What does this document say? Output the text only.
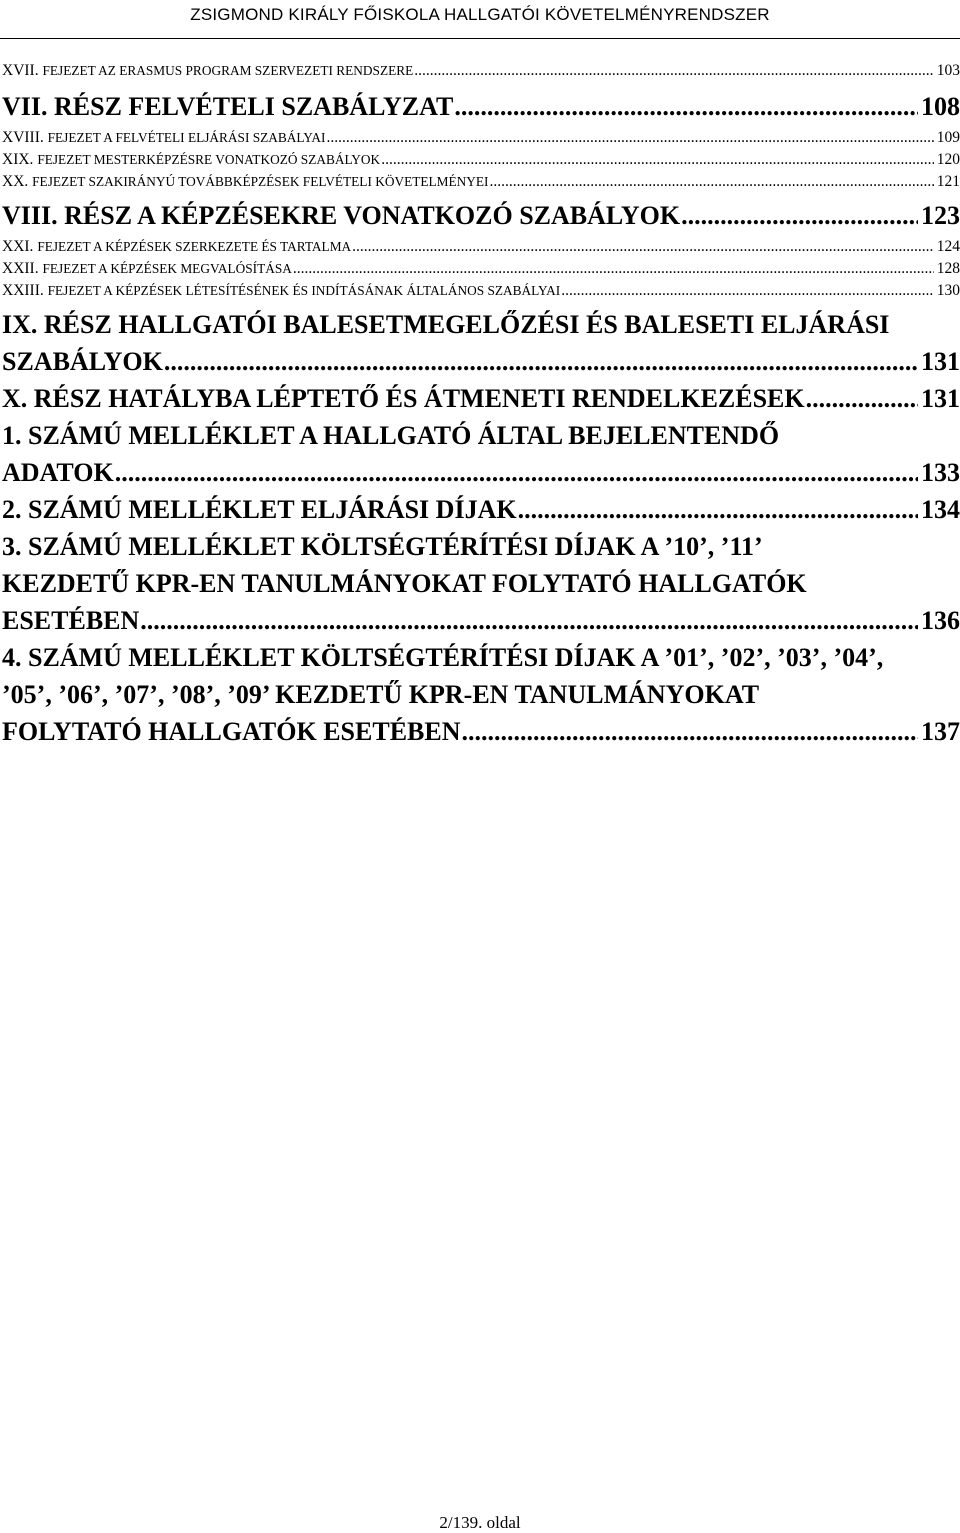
ZSIGMOND KIRÁLY FŐISKOLA HALLGATÓI KÖVETELMÉNYRENDSZER
XVII. FEJEZET AZ ERASMUS PROGRAM SZERVEZETI RENDSZERE .....	103
VII. RÉSZ FELVÉTELI SZABÁLYZAT .....	108
XVIII. FEJEZET A FELVÉTELI ELJÁRÁSI SZABÁLYAI .....	109
XIX. FEJEZET MESTERKÉPZÉSRE VONATKOZÓ SZABÁLYOK .....	120
XX. FEJEZET SZAKIRÁNYÚ TOVÁBBKÉPZÉSEK FELVÉTELI KÖVETELMÉNYEI .....	121
VIII. RÉSZ A KÉPZÉSEKRE VONATKOZÓ SZABÁLYOK .....	123
XXI. FEJEZET A KÉPZÉSEK SZERKEZETE ÉS TARTALMA .....	124
XXII. FEJEZET A KÉPZÉSEK MEGVALÓSÍTÁSA .....	128
XXIII. FEJEZET A KÉPZÉSEK LÉTESÍTÉSÉNEK ÉS INDÍTÁSÁNAK ÁLTALÁNOS SZABÁLYAI .....	130
IX. RÉSZ HALLGATÓI BALESETMEGELŐZÉSI ÉS BALESETI ELJÁRÁSI
SZABÁLYOK .....	131
X. RÉSZ HATÁLYBA LÉPTETŐ ÉS ÁTMENETI RENDELKEZÉSEK .....	131
1. SZÁMÚ MELLÉKLET A HALLGATÓ ÁLTAL BEJELENTENDŐ
ADATOK .....	133
2. SZÁMÚ MELLÉKLET ELJÁRÁSI DÍJAK .....	134
3. SZÁMÚ MELLÉKLET KÖLTSÉGTÉRÍTÉSI DÍJAK A ’10’, ’11’
KEZDETŰ KPR-EN TANULMÁNYOKAT FOLYTATÓ HALLGATÓK
ESETÉBEN .....	136
4. SZÁMÚ MELLÉKLET KÖLTSÉGTÉRÍTÉSI DÍJAK A ’01’, ’02’, ’03’, ’04’,
’05’, ’06’, ’07’, ’08’, ’09’ KEZDETŰ KPR-EN TANULMÁNYOKAT
FOLYTATÓ HALLGATÓK ESETÉBEN .....	137
2/139. oldal
